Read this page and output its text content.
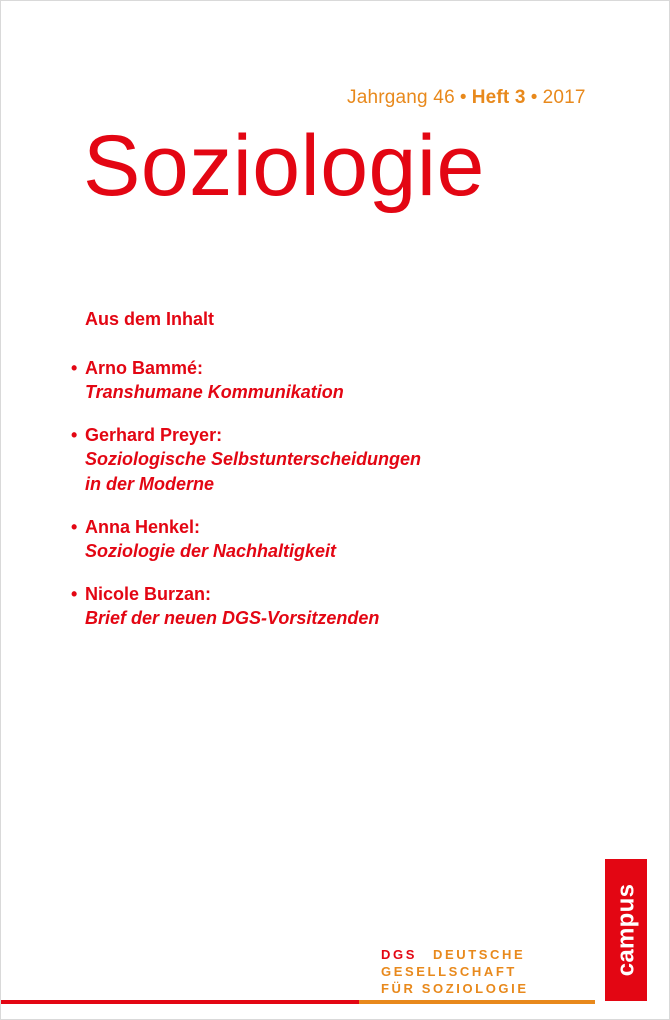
Jahrgang 46 • Heft 3 • 2017
Soziologie
Aus dem Inhalt
• Arno Bammé:
Transhumane Kommunikation
• Gerhard Preyer:
Soziologische Selbstunterscheidungen
in der Moderne
• Anna Henkel:
Soziologie der Nachhaltigkeit
• Nicole Burzan:
Brief der neuen DGS-Vorsitzenden
DGS DEUTSCHE
GESELLSCHAFT
FÜR SOZIOLOGIE
campus
